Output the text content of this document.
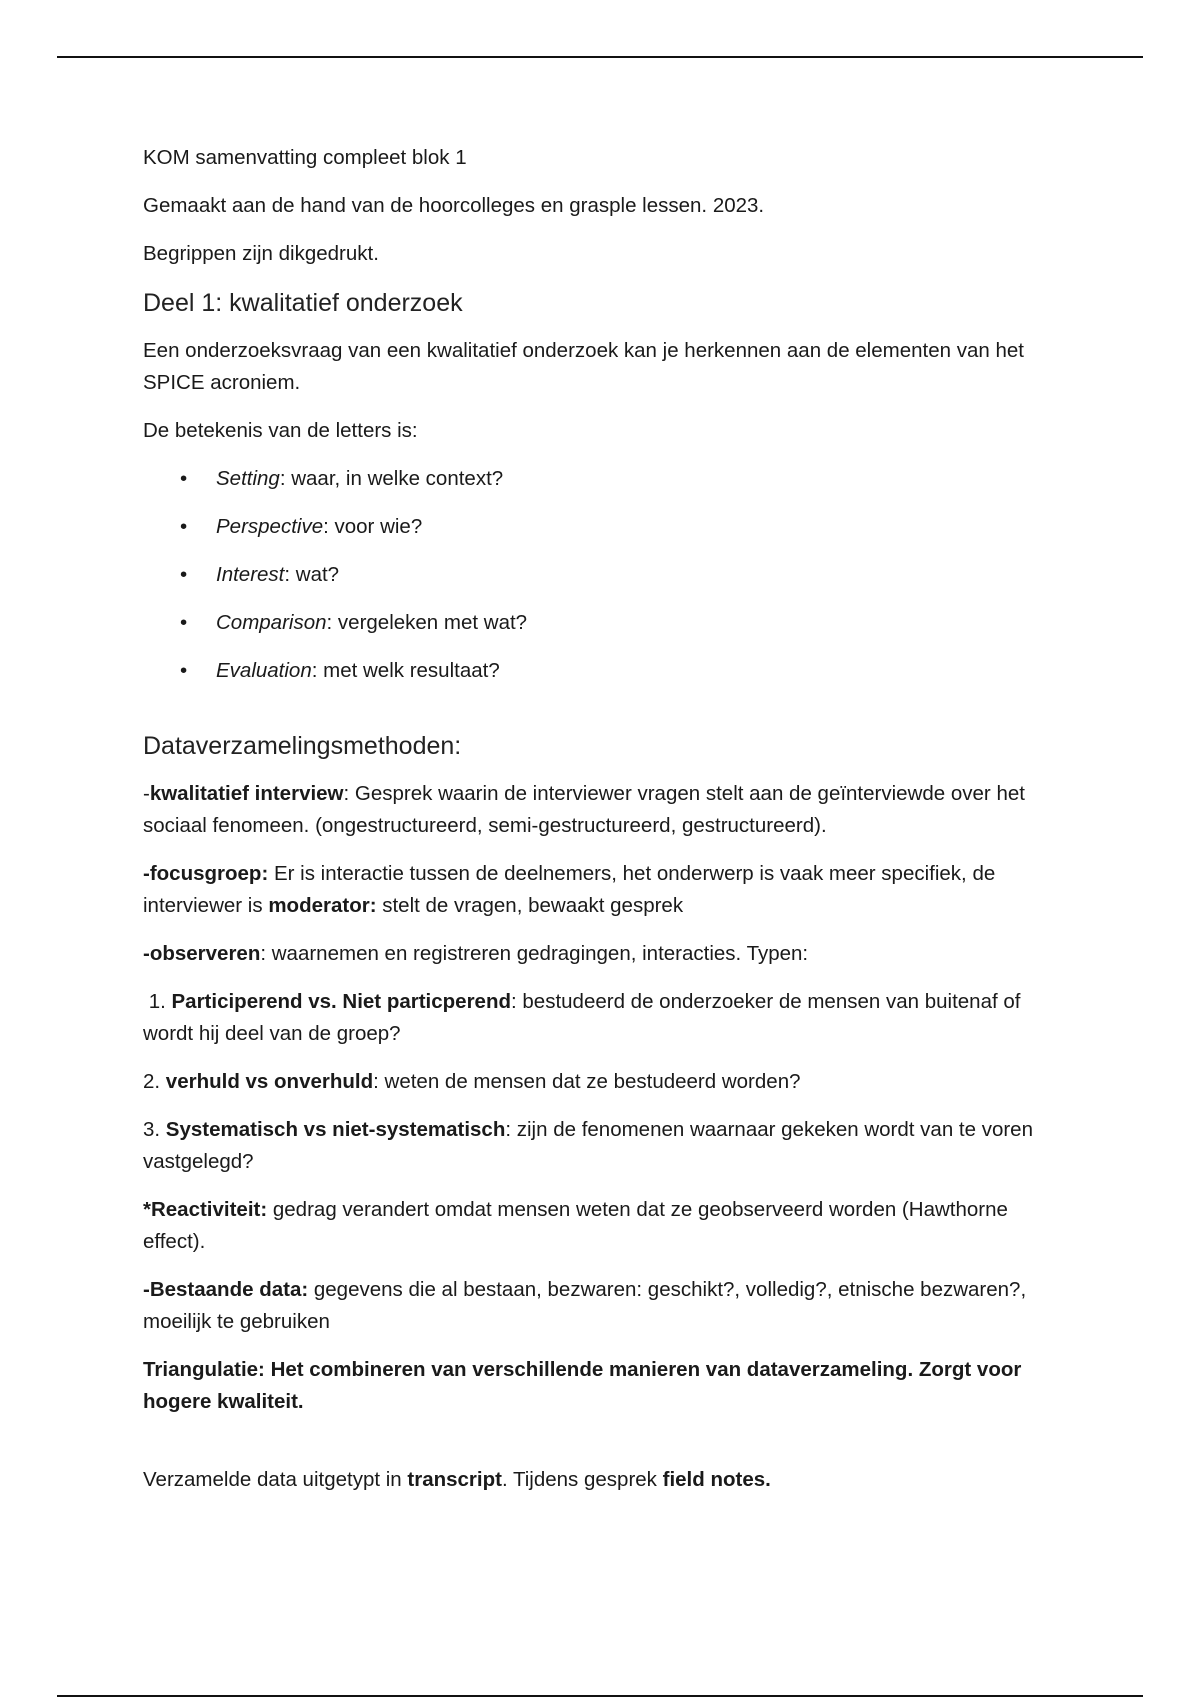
KOM samenvatting compleet blok 1

Gemaakt aan de hand van de hoorcolleges en grasple lessen. 2023.

Begrippen zijn dikgedrukt.

Deel 1: kwalitatief onderzoek

Een onderzoeksvraag van een kwalitatief onderzoek kan je herkennen aan de elementen van het SPICE acroniem.

De betekenis van de letters is:

• Setting: waar, in welke context?
• Perspective: voor wie?
• Interest: wat?
• Comparison: vergeleken met wat?
• Evaluation: met welk resultaat?
Dataverzamelingsmethoden:

-kwalitatief interview: Gesprek waarin de interviewer vragen stelt aan de geïnterviewde over het sociaal fenomeen. (ongestructureerd, semi-gestructureerd, gestructureerd).

-focusgroep: Er is interactie tussen de deelnemers, het onderwerp is vaak meer specifiek, de interviewer is moderator: stelt de vragen, bewaakt gesprek

-observeren: waarnemen en registreren gedragingen, interacties. Typen:

1. Participerend vs. Niet particperend: bestudeerd de onderzoeker de mensen van buitenaf of wordt hij deel van de groep?

2. verhuld vs onverhuld: weten de mensen dat ze bestudeerd worden?

3. Systematisch vs niet-systematisch: zijn de fenomenen waarnaar gekeken wordt van te voren vastgelegd?

*Reactiviteit: gedrag verandert omdat mensen weten dat ze geobserveerd worden (Hawthorne effect).

-Bestaande data: gegevens die al bestaan, bezwaren: geschikt?, volledig?, etnische bezwaren?, moeilijk te gebruiken

Triangulatie: Het combineren van verschillende manieren van dataverzameling. Zorgt voor hogere kwaliteit.

Verzamelde data uitgetypt in transcript. Tijdens gesprek field notes.
